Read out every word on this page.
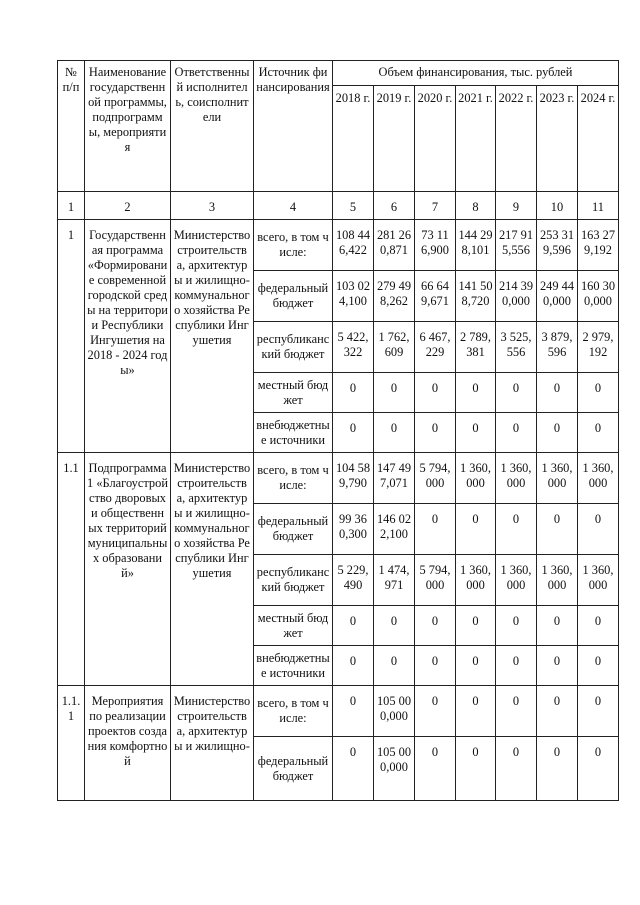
№ п/п	Наименование государственной программы, подпрограммы, мероприятия	Ответственный исполнитель, соисполнители	Источник финансирования	Объем финансирования, тыс. рублей						
				2018 г.	2019 г.	2020 г.	2021 г.	2022 г.	2023 г.	2024 г.
1	2	3	4	5	6	7	8	9	10	11
1	Государственная программа «Формирование современной городской среды на территории Республики Ингушетия на 2018 - 2024 годы»	Министерство строительства, архитектуры и жилищно-коммунального хозяйства Республики Ингушетия	всего, в том числе:	108 446,422	281 260,871	73 116,900	144 298,101	217 915,556	253 319,596	163 279,192
			федеральный бюджет	103 024,100	279 498,262	66 649,671	141 508,720	214 390,000	249 440,000	160 300,000
			республиканский бюджет	5 422,322	1 762,609	6 467,229	2 789,381	3 525,556	3 879,596	2 979,192
			местный бюджет	0	0	0	0	0	0	0
			внебюджетные источники	0	0	0	0	0	0	0
1.1	Подпрограмма 1 «Благоустройство дворовых и общественных территорий муниципальных образований»	Министерство строительства, архитектуры и жилищно-коммунального хозяйства Республики Ингушетия	всего, в том числе:	104 589,790	147 497,071	5 794,000	1 360,000	1 360,000	1 360,000	1 360,000
			федеральный бюджет	99 360,300	146 022,100	0	0	0	0	0
			республиканский бюджет	5 229,490	1 474,971	5 794,000	1 360,000	1 360,000	1 360,000	1 360,000
			местный бюджет	0	0	0	0	0	0	0
			внебюджетные источники	0	0	0	0	0	0	0
1.1.1	Мероприятия по реализации проектов создания комфортной	Министерство строительства, архитектуры и жилищно-	всего, в том числе:	0	105 000,000	0	0	0	0	0
			федеральный бюджет	0	105 000,000	0	0	0	0	0
